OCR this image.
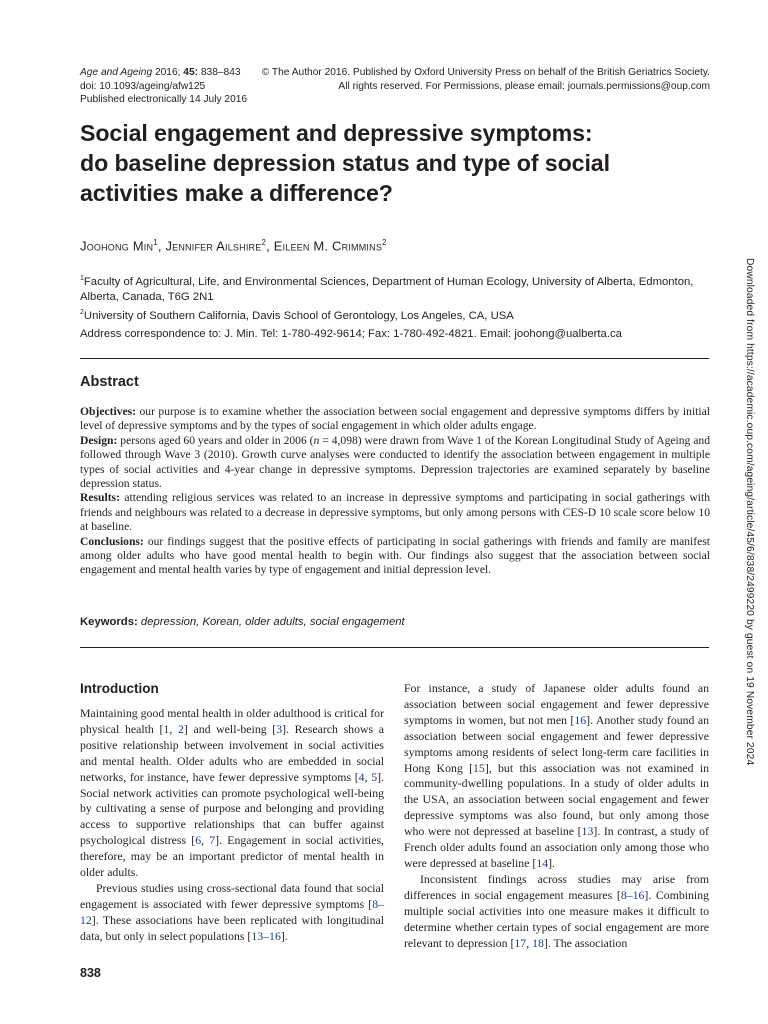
Age and Ageing 2016; 45: 838–843
doi: 10.1093/ageing/afw125
Published electronically 14 July 2016
© The Author 2016. Published by Oxford University Press on behalf of the British Geriatrics Society.
All rights reserved. For Permissions, please email: journals.permissions@oup.com
Social engagement and depressive symptoms:
do baseline depression status and type of social
activities make a difference?
Joohong Min$^1$, Jennifer Ailshire$^2$, Eileen M. Crimmins$^2$
$^1$Faculty of Agricultural, Life, and Environmental Sciences, Department of Human Ecology, University of Alberta, Edmonton,
Alberta, Canada, T6G 2N1
$^2$University of Southern California, Davis School of Gerontology, Los Angeles, CA, USA
Address correspondence to: J. Min. Tel: 1-780-492-9614; Fax: 1-780-492-4821. Email: joohong@ualberta.ca
Abstract

Objectives: our purpose is to examine whether the association between social engagement and depressive symptoms differs by initial level of depressive symptoms and by the types of social engagement in which older adults engage.

Design: persons aged 60 years and older in 2006 (n = 4,098) were drawn from Wave 1 of the Korean Longitudinal Study of Ageing and followed through Wave 3 (2010). Growth curve analyses were conducted to identify the association between engagement in multiple types of social activities and 4-year change in depressive symptoms. Depression trajectories are examined separately by baseline depression status.

Results: attending religious services was related to an increase in depressive symptoms and participating in social gatherings with friends and neighbours was related to a decrease in depressive symptoms, but only among persons with CES-D 10 scale score below 10 at baseline.

Conclusions: our findings suggest that the positive effects of participating in social gatherings with friends and family are manifest among older adults who have good mental health to begin with. Our findings also suggest that the association between social engagement and mental health varies by type of engagement and initial depression level.

Keywords: depression, Korean, older adults, social engagement
Introduction

Maintaining good mental health in older adulthood is critical for physical health [1, 2] and well-being [3]. Research shows a positive relationship between involvement in social activities and mental health. Older adults who are embedded in social networks, for instance, have fewer depressive symptoms [4, 5]. Social network activities can promote psychological well-being by cultivating a sense of purpose and belonging and providing access to supportive relationships that can buffer against psychological distress [6, 7]. Engagement in social activities, therefore, may be an important predictor of mental health in older adults.

Previous studies using cross-sectional data found that social engagement is associated with fewer depressive symptoms [8–12]. These associations have been replicated with longitudinal data, but only in select populations [13–16].

For instance, a study of Japanese older adults found an association between social engagement and fewer depressive symptoms in women, but not men [16]. Another study found an association between social engagement and fewer depressive symptoms among residents of select long-term care facilities in Hong Kong [15], but this association was not examined in community-dwelling populations. In a study of older adults in the USA, an association between social engagement and fewer depressive symptoms was also found, but only among those who were not depressed at baseline [13]. In contrast, a study of French older adults found an association only among those who were depressed at baseline [14].

Inconsistent findings across studies may arise from differences in social engagement measures [8–16]. Combining multiple social activities into one measure makes it difficult to determine whether certain types of social engagement are more relevant to depression [17, 18]. The association

838
Downloaded from https://academic.oup.com/ageing/article/45/6/838/2499220 by guest on 19 November 2024
